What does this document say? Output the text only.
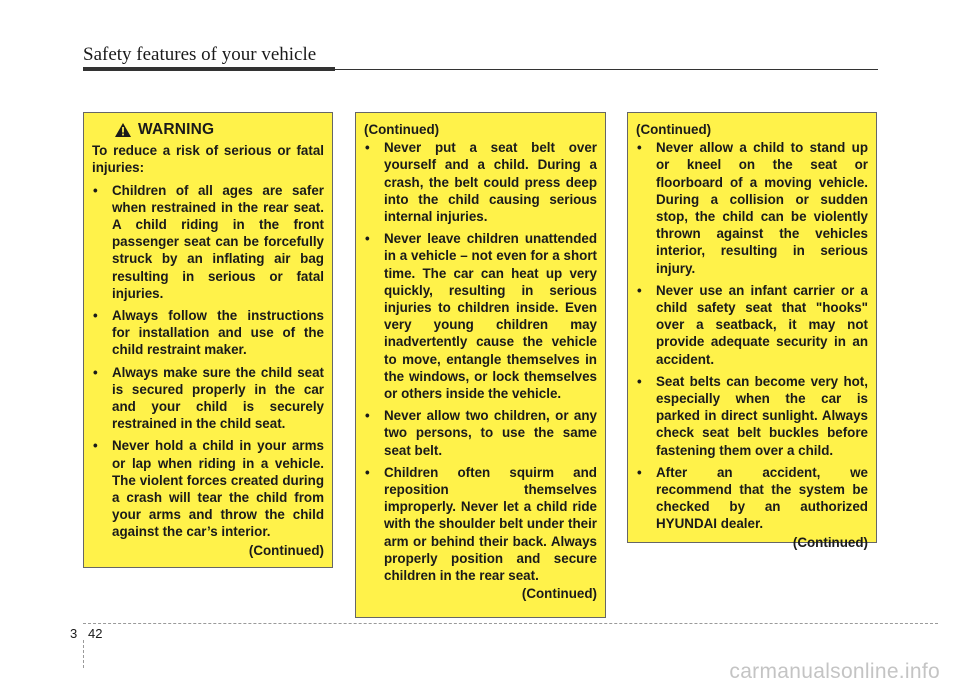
Safety features of your vehicle
WARNING
To reduce a risk of serious or fatal injuries:
• Children of all ages are safer when restrained in the rear seat. A child riding in the front passenger seat can be forcefully struck by an inflating air bag resulting in serious or fatal injuries.
• Always follow the instructions for installation and use of the child restraint maker.
• Always make sure the child seat is secured properly in the car and your child is securely restrained in the child seat.
• Never hold a child in your arms or lap when riding in a vehicle. The violent forces created during a crash will tear the child from your arms and throw the child against the car’s interior.
(Continued)
(Continued)
• Never put a seat belt over yourself and a child. During a crash, the belt could press deep into the child causing serious internal injuries.
• Never leave children unattended in a vehicle – not even for a short time. The car can heat up very quickly, resulting in serious injuries to children inside. Even very young children may inadvertently cause the vehicle to move, entangle themselves in the windows, or lock themselves or others inside the vehicle.
• Never allow two children, or any two persons, to use the same seat belt.
• Children often squirm and reposition themselves improperly. Never let a child ride with the shoulder belt under their arm or behind their back. Always properly position and secure children in the rear seat.
(Continued)
(Continued)
• Never allow a child to stand up or kneel on the seat or floorboard of a moving vehicle. During a collision or sudden stop, the child can be violently thrown against the vehicles interior, resulting in serious injury.
• Never use an infant carrier or a child safety seat that "hooks" over a seatback, it may not provide adequate security in an accident.
• Seat belts can become very hot, especially when the car is parked in direct sunlight. Always check seat belt buckles before fastening them over a child.
• After an accident, we recommend that the system be checked by an authorized HYUNDAI dealer.
(Continued)
3 42
carmanualsonline.info
